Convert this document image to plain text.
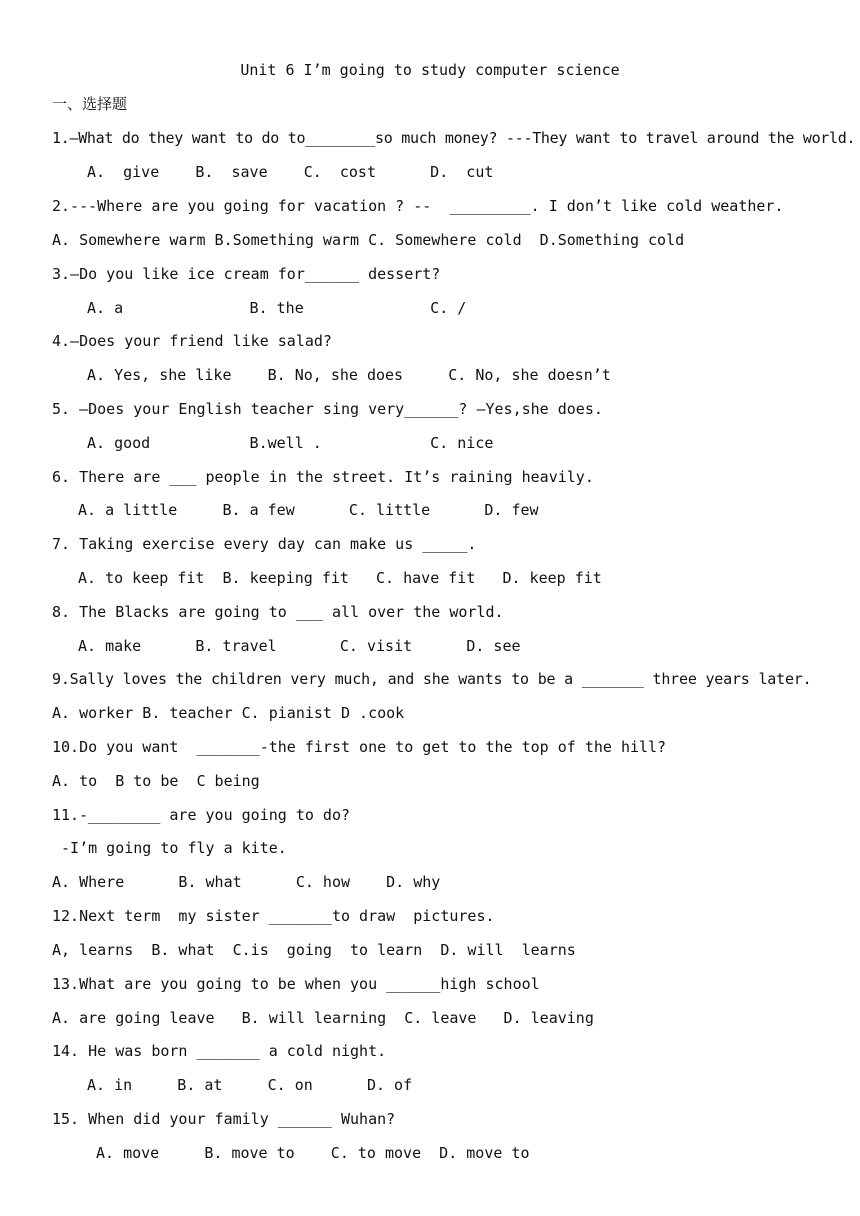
Unit 6 I’m going to study computer science
一、选择题
1.—What do they want to do to________so much money? ---They want to travel around the world.
A.  give    B.  save    C.  cost      D.  cut
2.---Where are you going for vacation ? --  _________. I don’t like cold weather.
A. Somewhere warm B.Something warm C. Somewhere cold  D.Something cold
3.—Do you like ice cream for______ dessert?
A. a              B. the              C. /
4.—Does your friend like salad?
A. Yes, she like    B. No, she does     C. No, she doesn’t
5. –Does your English teacher sing very______? –Yes,she does.
A. good           B.well .            C. nice
6. There are ___ people in the street. It’s raining heavily.
A. a little     B. a few      C. little      D. few
7. Taking exercise every day can make us _____.
A. to keep fit  B. keeping fit   C. have fit   D. keep fit
8. The Blacks are going to ___ all over the world.
A. make      B. travel       C. visit      D. see
9.Sally loves the children very much, and she wants to be a _______ three years later.
A. worker B. teacher C. pianist D .cook
10.Do you want  _______-the first one to get to the top of the hill?
A. to  B to be  C being
11.-________ are you going to do?
-I’m going to fly a kite.
A. Where      B. what      C. how    D. why
12.Next term  my sister _______to draw  pictures.
A, learns  B. what  C.is  going  to learn  D. will  learns
13.What are you going to be when you ______high school
A. are going leave   B. will learning  C. leave   D. leaving
14. He was born _______ a cold night.
A. in     B. at     C. on      D. of
15. When did your family ______ Wuhan?
A. move     B. move to    C. to move  D. move to
